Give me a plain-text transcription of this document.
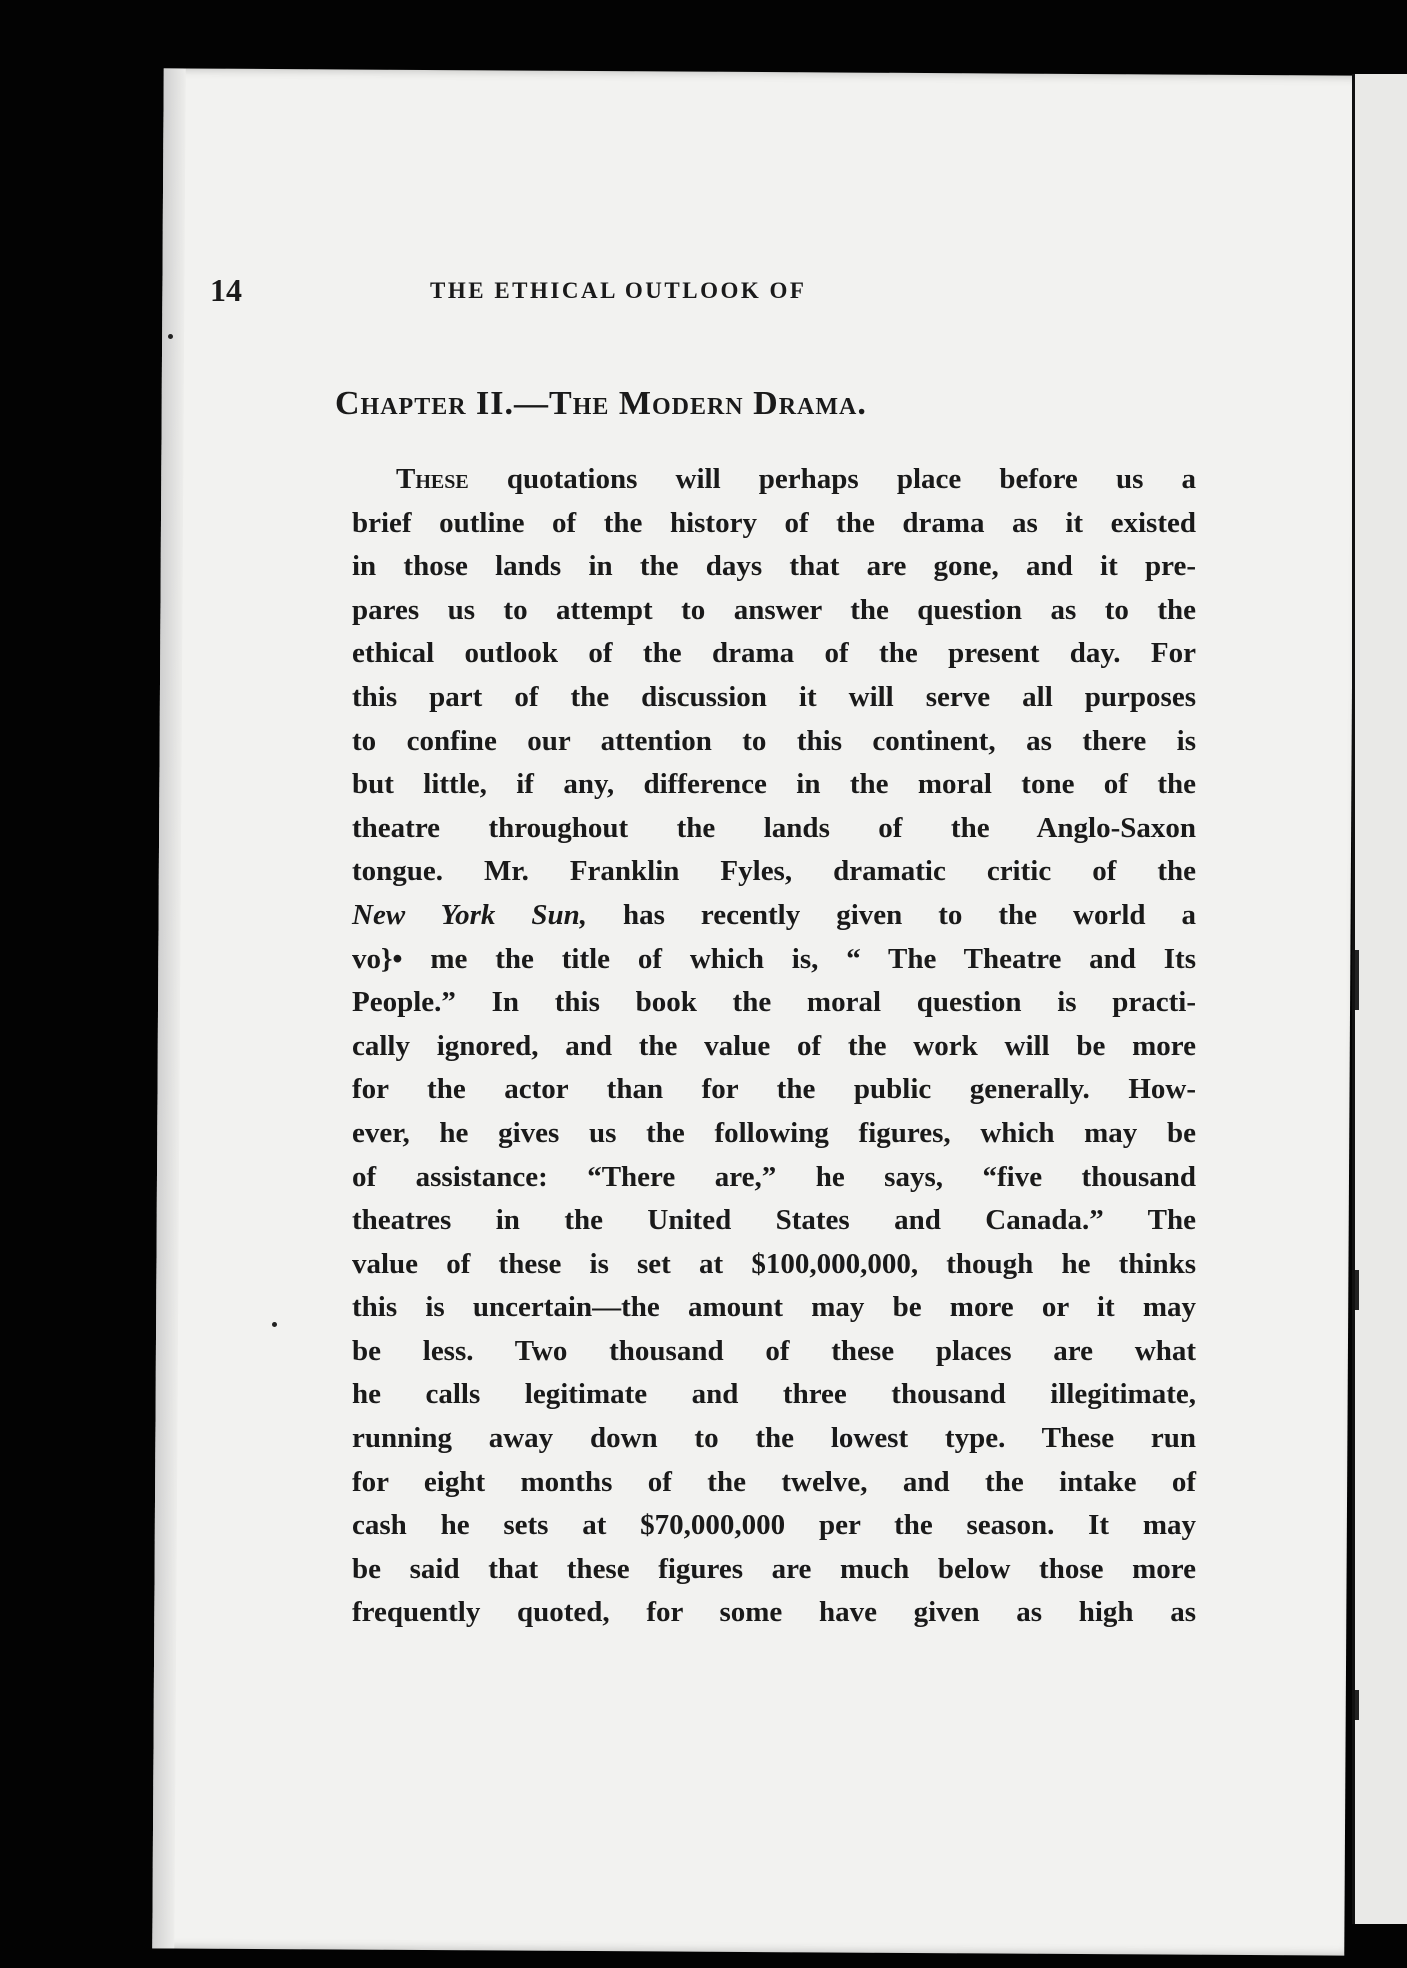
14	THE ETHICAL OUTLOOK OF
Chapter II.—The Modern Drama.
These quotations will perhaps place before us a
brief outline of the history of the drama as it existed
in those lands in the days that are gone, and it pre-
pares us to attempt to answer the question as to the
ethical outlook of the drama of the present day. For
this part of the discussion it will serve all purposes
to confine our attention to this continent, as there is
but little, if any, difference in the moral tone of the
theatre throughout the lands of the Anglo-Saxon
tongue. Mr. Franklin Fyles, dramatic critic of the
New York Sun, has recently given to the world a
vo}• me the title of which is, “ The Theatre and Its
People.” In this book the moral question is practi-
cally ignored, and the value of the work will be more
for the actor than for the public generally. How-
ever, he gives us the following figures, which may be
of assistance: “There are,” he says, “five thousand
theatres in the United States and Canada.” The
value of these is set at $100,000,000, though he thinks
this is uncertain—the amount may be more or it may
be less. Two thousand of these places are what
he calls legitimate and three thousand illegitimate,
running away down to the lowest type. These run
for eight months of the twelve, and the intake of
cash he sets at $70,000,000 per the season. It may
be said that these figures are much below those more
frequently quoted, for some have given as high as
